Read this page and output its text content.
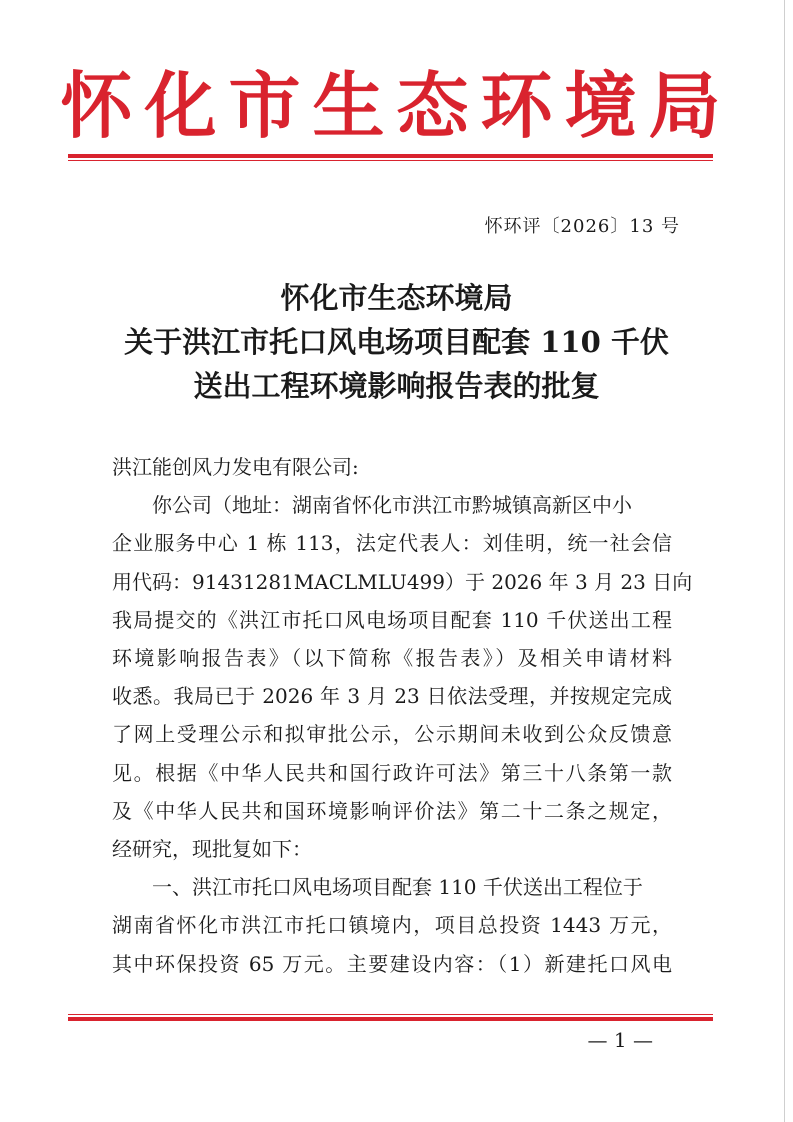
怀化市生态环境局
怀环评〔2026〕13 号
怀化市生态环境局
关于洪江市托口风电场项目配套 110 千伏
送出工程环境影响报告表的批复

洪江能创风力发电有限公司:

你公司（地址：湖南省怀化市洪江市黔城镇高新区中小
企业服务中心 1 栋 113，法定代表人：刘佳明，统一社会信
用代码：91431281MACLMLU499）于 2026 年 3 月 23 日向
我局提交的《洪江市托口风电场项目配套 110 千伏送出工程
环境影响报告表》（以下简称《报告表》）及相关申请材料
收悉。我局已于 2026 年 3 月 23 日依法受理，并按规定完成
了网上受理公示和拟审批公示，公示期间未收到公众反馈意
见。根据《中华人民共和国行政许可法》第三十八条第一款
及《中华人民共和国环境影响评价法》第二十二条之规定，
经研究，现批复如下：

一、洪江市托口风电场项目配套 110 千伏送出工程位于
湖南省怀化市洪江市托口镇境内，项目总投资 1443 万元，
其中环保投资 65 万元。主要建设内容：（1）新建托口风电

— 1 —
